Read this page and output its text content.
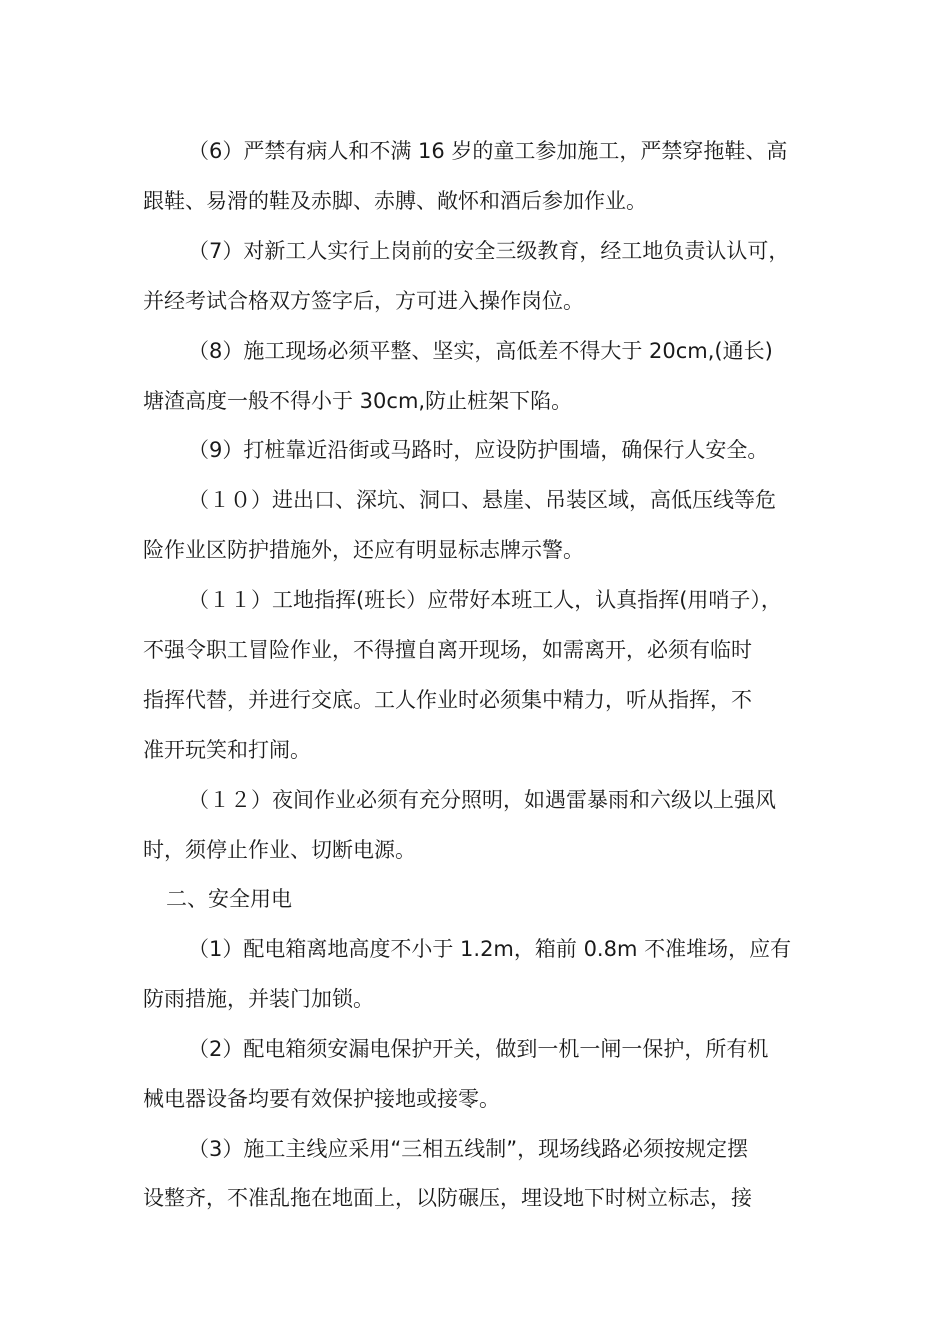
（6）严禁有病人和不满 16 岁的童工参加施工，严禁穿拖鞋、高
跟鞋、易滑的鞋及赤脚、赤膊、敞怀和酒后参加作业。
（7）对新工人实行上岗前的安全三级教育，经工地负责认认可，
并经考试合格双方签字后，方可进入操作岗位。
（8）施工现场必须平整、坚实，高低差不得大于 20cm,(通长)
塘渣高度一般不得小于 30cm,防止桩架下陷。
（9）打桩靠近沿街或马路时，应设防护围墙，确保行人安全。
（１０）进出口、深坑、洞口、悬崖、吊装区域，高低压线等危
险作业区防护措施外，还应有明显标志牌示警。
（１１）工地指挥(班长）应带好本班工人，认真指挥(用哨子），
不强令职工冒险作业，不得擅自离开现场，如需离开，必须有临时
指挥代替，并进行交底。工人作业时必须集中精力，听从指挥，不
准开玩笑和打闹。
（１２）夜间作业必须有充分照明，如遇雷暴雨和六级以上强风
时，须停止作业、切断电源。
二、安全用电
（1）配电箱离地高度不小于 1.2m，箱前 0.8m 不准堆场，应有
防雨措施，并装门加锁。
（2）配电箱须安漏电保护开关，做到一机一闸一保护，所有机
械电器设备均要有效保护接地或接零。
（3）施工主线应采用“三相五线制”，现场线路必须按规定摆
设整齐，不准乱拖在地面上，以防碾压，埋设地下时树立标志，接
